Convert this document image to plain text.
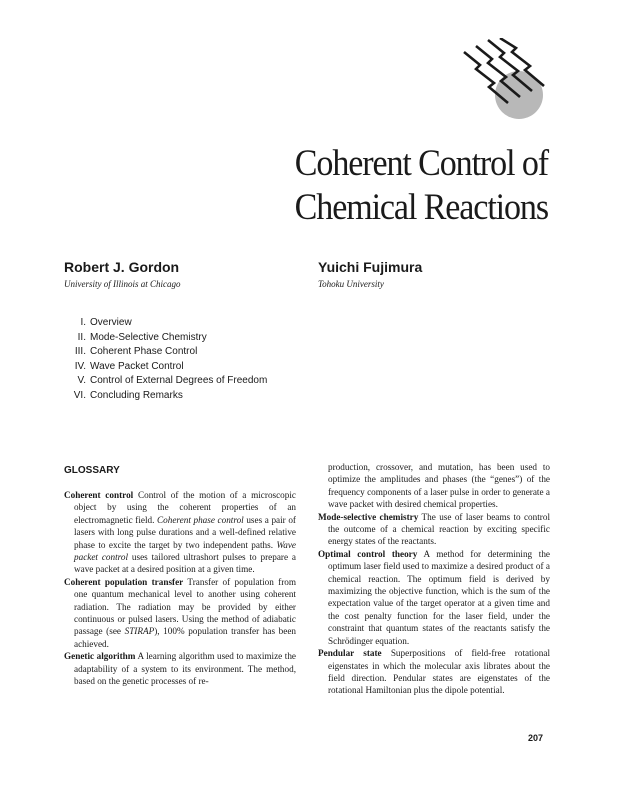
Coherent Control of
Chemical Reactions
Robert J. Gordon
University of Illinois at Chicago
Yuichi Fujimura
Tohoku University
I. Overview
II. Mode-Selective Chemistry
III. Coherent Phase Control
IV. Wave Packet Control
V. Control of External Degrees of Freedom
VI. Concluding Remarks
GLOSSARY
Coherent control Control of the motion of a microscopic object by using the coherent properties of an electromagnetic field. Coherent phase control uses a pair of lasers with long pulse durations and a well-defined relative phase to excite the target by two independent paths. Wave packet control uses tailored ultrashort pulses to prepare a wave packet at a desired position at a given time.
Coherent population transfer Transfer of population from one quantum mechanical level to another using coherent radiation. The radiation may be provided by either continuous or pulsed lasers. Using the method of adiabatic passage (see STIRAP), 100% population transfer has been achieved.
Genetic algorithm A learning algorithm used to maximize the adaptability of a system to its environment. The method, based on the genetic processes of re-
production, crossover, and mutation, has been used to optimize the amplitudes and phases (the “genes”) of the frequency components of a laser pulse in order to generate a wave packet with desired chemical properties.
Mode-selective chemistry The use of laser beams to control the outcome of a chemical reaction by exciting specific energy states of the reactants.
Optimal control theory A method for determining the optimum laser field used to maximize a desired product of a chemical reaction. The optimum field is derived by maximizing the objective function, which is the sum of the expectation value of the target operator at a given time and the cost penalty function for the laser field, under the constraint that quantum states of the reactants satisfy the Schrödinger equation.
Pendular state Superpositions of field-free rotational eigenstates in which the molecular axis librates about the field direction. Pendular states are eigenstates of the rotational Hamiltonian plus the dipole potential.
207
